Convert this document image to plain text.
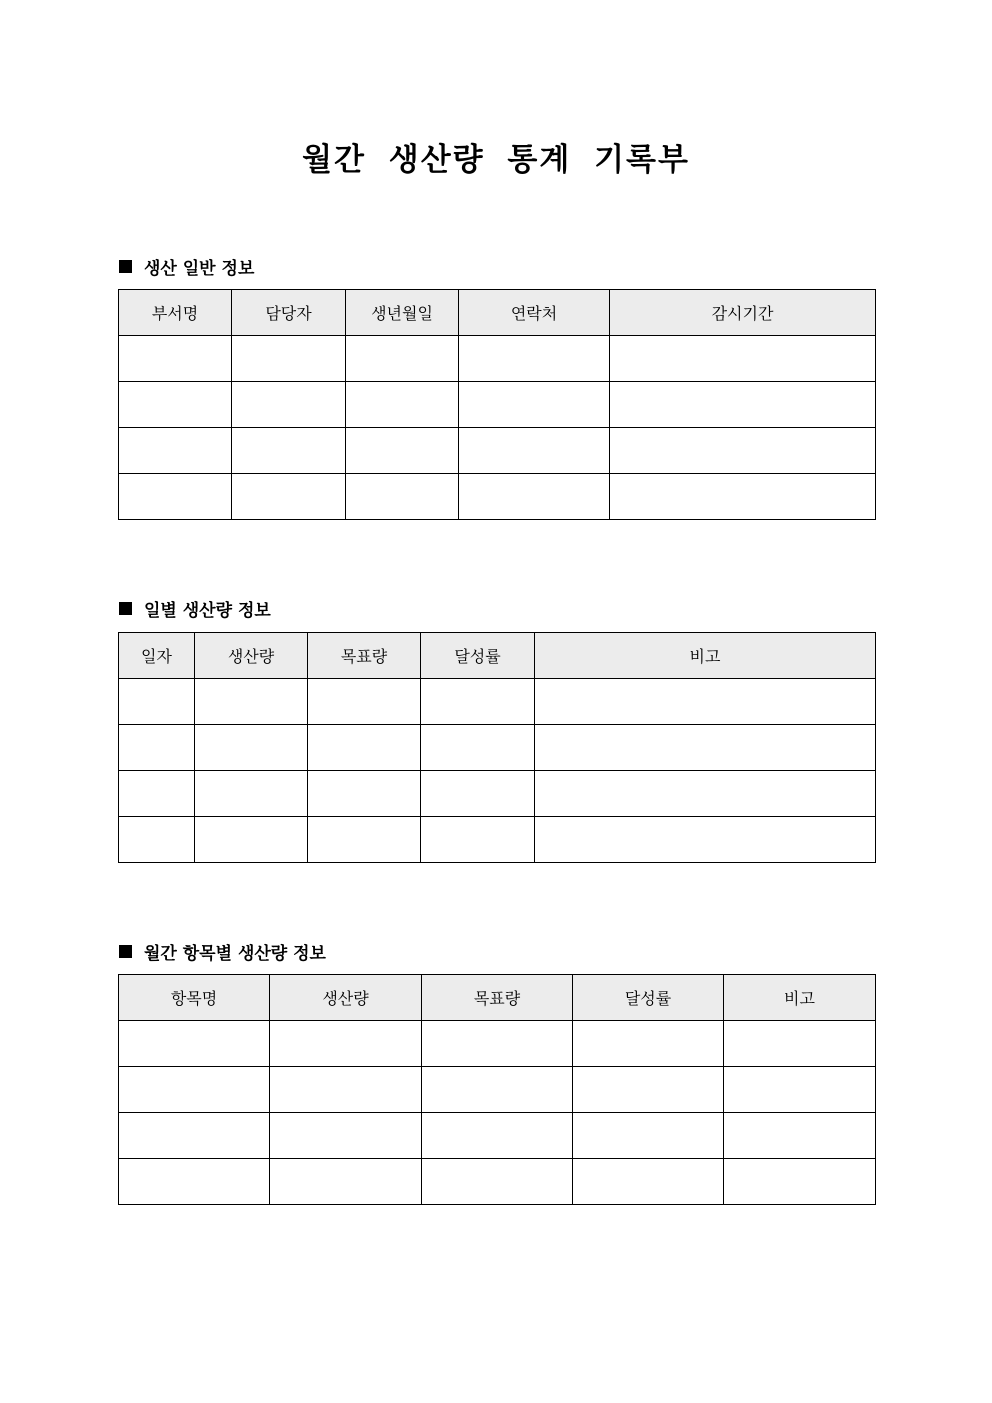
월간 생산량 통계 기록부
생산 일반 정보
부서명	담당자	생년월일	연락처	감시기간

일별 생산량 정보
일자	생산량	목표량	달성률	비고

월간 항목별 생산량 정보
항목명	생산량	목표량	달성률	비고
